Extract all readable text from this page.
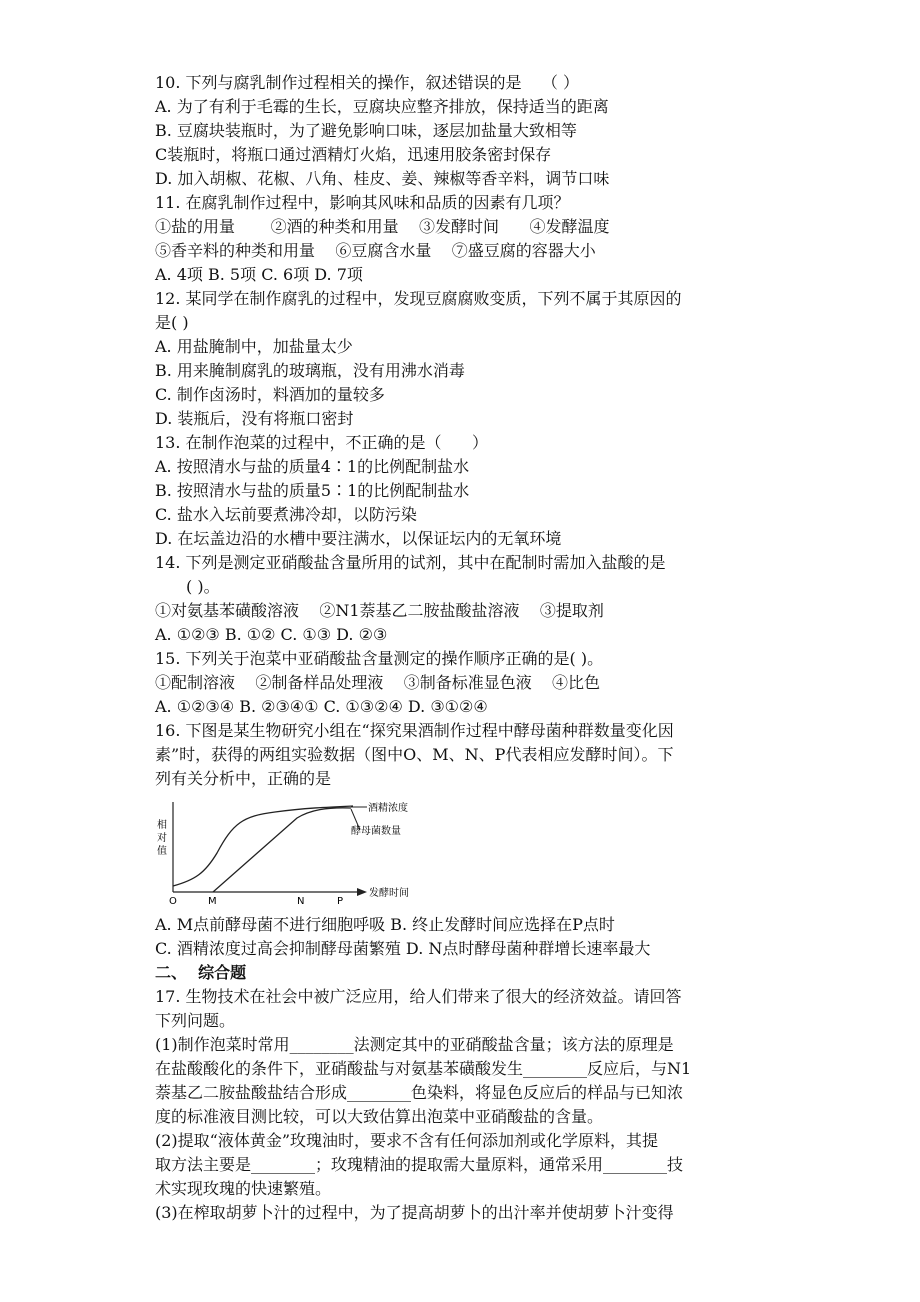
10. 下列与腐乳制作过程相关的操作，叙述错误的是    （ ）
A. 为了有利于毛霉的生长，豆腐块应整齐排放，保持适当的距离
B. 豆腐块装瓶时，为了避免影响口味，逐层加盐量大致相等
C装瓶时，将瓶口通过酒精灯火焰，迅速用胶条密封保存
D. 加入胡椒、花椒、八角、桂皮、姜、辣椒等香辛料，调节口味
11. 在腐乳制作过程中，影响其风味和品质的因素有几项？
①盐的用量       ②酒的种类和用量    ③发酵时间      ④发酵温度
⑤香辛料的种类和用量    ⑥豆腐含水量    ⑦盛豆腐的容器大小
A. 4项 B. 5项 C. 6项 D. 7项
12. 某同学在制作腐乳的过程中，发现豆腐腐败变质，下列不属于其原因的
是( )
A. 用盐腌制中，加盐量太少
B. 用来腌制腐乳的玻璃瓶，没有用沸水消毒
C. 制作卤汤时，料酒加的量较多
D. 装瓶后，没有将瓶口密封
13. 在制作泡菜的过程中，不正确的是（      ）
A. 按照清水与盐的质量4∶1的比例配制盐水
B. 按照清水与盐的质量5∶1的比例配制盐水
C. 盐水入坛前要煮沸冷却，以防污染
D. 在坛盖边沿的水槽中要注满水，以保证坛内的无氧环境
14. 下列是测定亚硝酸盐含量所用的试剂，其中在配制时需加入盐酸的是
( )。
①对氨基苯磺酸溶液    ②N1萘基乙二胺盐酸盐溶液    ③提取剂
A. ①②③ B. ①② C. ①③ D. ②③
15. 下列关于泡菜中亚硝酸盐含量测定的操作顺序正确的是( )。
①配制溶液    ②制备样品处理液    ③制备标准显色液    ④比色
A. ①②③④ B. ②③④① C. ①③②④ D. ③①②④
16. 下图是某生物研究小组在“探究果酒制作过程中酵母菌种群数量变化因
素”时，获得的两组实验数据（图中O、M、N、P代表相应发酵时间）。下
列有关分析中，正确的是
相
对
值
酒精浓度
酵母菌数量
O	M	N	P
发酵时间
A. M点前酵母菌不进行细胞呼吸 B. 终止发酵时间应选择在P点时
C. 酒精浓度过高会抑制酵母菌繁殖 D. N点时酵母菌种群增长速率最大
二、  综合题
17. 生物技术在社会中被广泛应用，给人们带来了很大的经济效益。请回答
下列问题。
(1)制作泡菜时常用________法测定其中的亚硝酸盐含量；该方法的原理是
在盐酸酸化的条件下，亚硝酸盐与对氨基苯磺酸发生________反应后，与N1
萘基乙二胺盐酸盐结合形成________色染料，将显色反应后的样品与已知浓
度的标准液目测比较，可以大致估算出泡菜中亚硝酸盐的含量。
(2)提取“液体黄金”玫瑰油时，要求不含有任何添加剂或化学原料，其提
取方法主要是________；玫瑰精油的提取需大量原料，通常采用________技
术实现玫瑰的快速繁殖。
(3)在榨取胡萝卜汁的过程中，为了提高胡萝卜的出汁率并使胡萝卜汁变得
